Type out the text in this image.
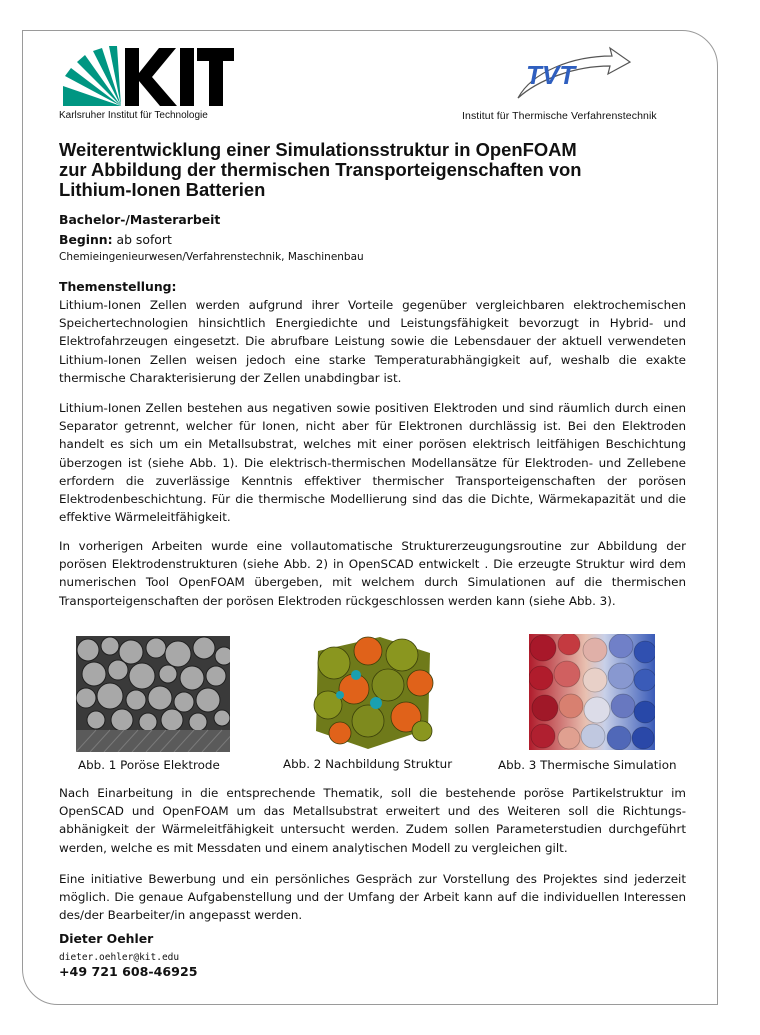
Karlsruher Institut für Technologie
TVT
Institut für Thermische Verfahrenstechnik
Weiterentwicklung einer Simulationsstruktur in OpenFOAM
zur Abbildung der thermischen Transporteigenschaften von
Lithium-Ionen Batterien
Bachelor-/Masterarbeit
Beginn: ab sofort
Chemieingenieurwesen/Verfahrenstechnik, Maschinenbau
Themenstellung:

Lithium-Ionen Zellen werden aufgrund ihrer Vorteile gegenüber vergleichbaren elektrochemischen Speichertechnologien hinsichtlich Energiedichte und Leistungsfähigkeit bevorzugt in Hybrid- und Elektrofahrzeugen eingesetzt. Die abrufbare Leistung sowie die Lebensdauer der aktuell verwendeten Lithium-Ionen Zellen weisen jedoch eine starke Temperaturabhängigkeit auf, weshalb die exakte thermische Charakterisierung der Zellen unabdingbar ist.

Lithium-Ionen Zellen bestehen aus negativen sowie positiven Elektroden und sind räumlich durch einen Separator getrennt, welcher für Ionen, nicht aber für Elektronen durchlässig ist. Bei den Elektroden handelt es sich um ein Metallsubstrat, welches mit einer porösen elektrisch leitfähigen Beschichtung überzogen ist (siehe Abb. 1). Die elektrisch-thermischen Modellansätze für Elektroden- und Zellebene erfordern die zuverlässige Kenntnis effektiver thermischer Transporteigenschaften der porösen Elektrodenbeschichtung. Für die thermische Modellierung sind das die Dichte, Wärmekapazität und die effektive Wärmeleitfähigkeit.

In vorherigen Arbeiten wurde eine vollautomatische Strukturerzeugungsroutine zur Abbildung der porösen Elektrodenstrukturen (siehe Abb. 2) in OpenSCAD entwickelt . Die erzeugte Struktur wird dem numerischen Tool OpenFOAM übergeben, mit welchem durch Simulationen auf die thermischen Transporteigenschaften der porösen Elektroden rückgeschlossen werden kann (siehe Abb. 3).

Abb. 1 Poröse Elektrode	Abb. 2 Nachbildung Struktur	Abb. 3 Thermische Simulation

Nach Einarbeitung in die entsprechende Thematik, soll die bestehende poröse Partikelstruktur im OpenSCAD und OpenFOAM um das Metallsubstrat erweitert und des Weiteren soll die Richtungsabhänigkeit der Wärmeleitfähigkeit untersucht werden. Zudem sollen Parameterstudien durchgeführt werden, welche es mit Messdaten und einem analytischen Modell zu vergleichen gilt.

Eine initiative Bewerbung und ein persönliches Gespräch zur Vorstellung des Projektes sind jederzeit möglich. Die genaue Aufgabenstellung und der Umfang der Arbeit kann auf die individuellen Interessen des/der Bearbeiter/in angepasst werden.

Dieter Oehler
dieter.oehler@kit.edu
+49 721 608-46925
